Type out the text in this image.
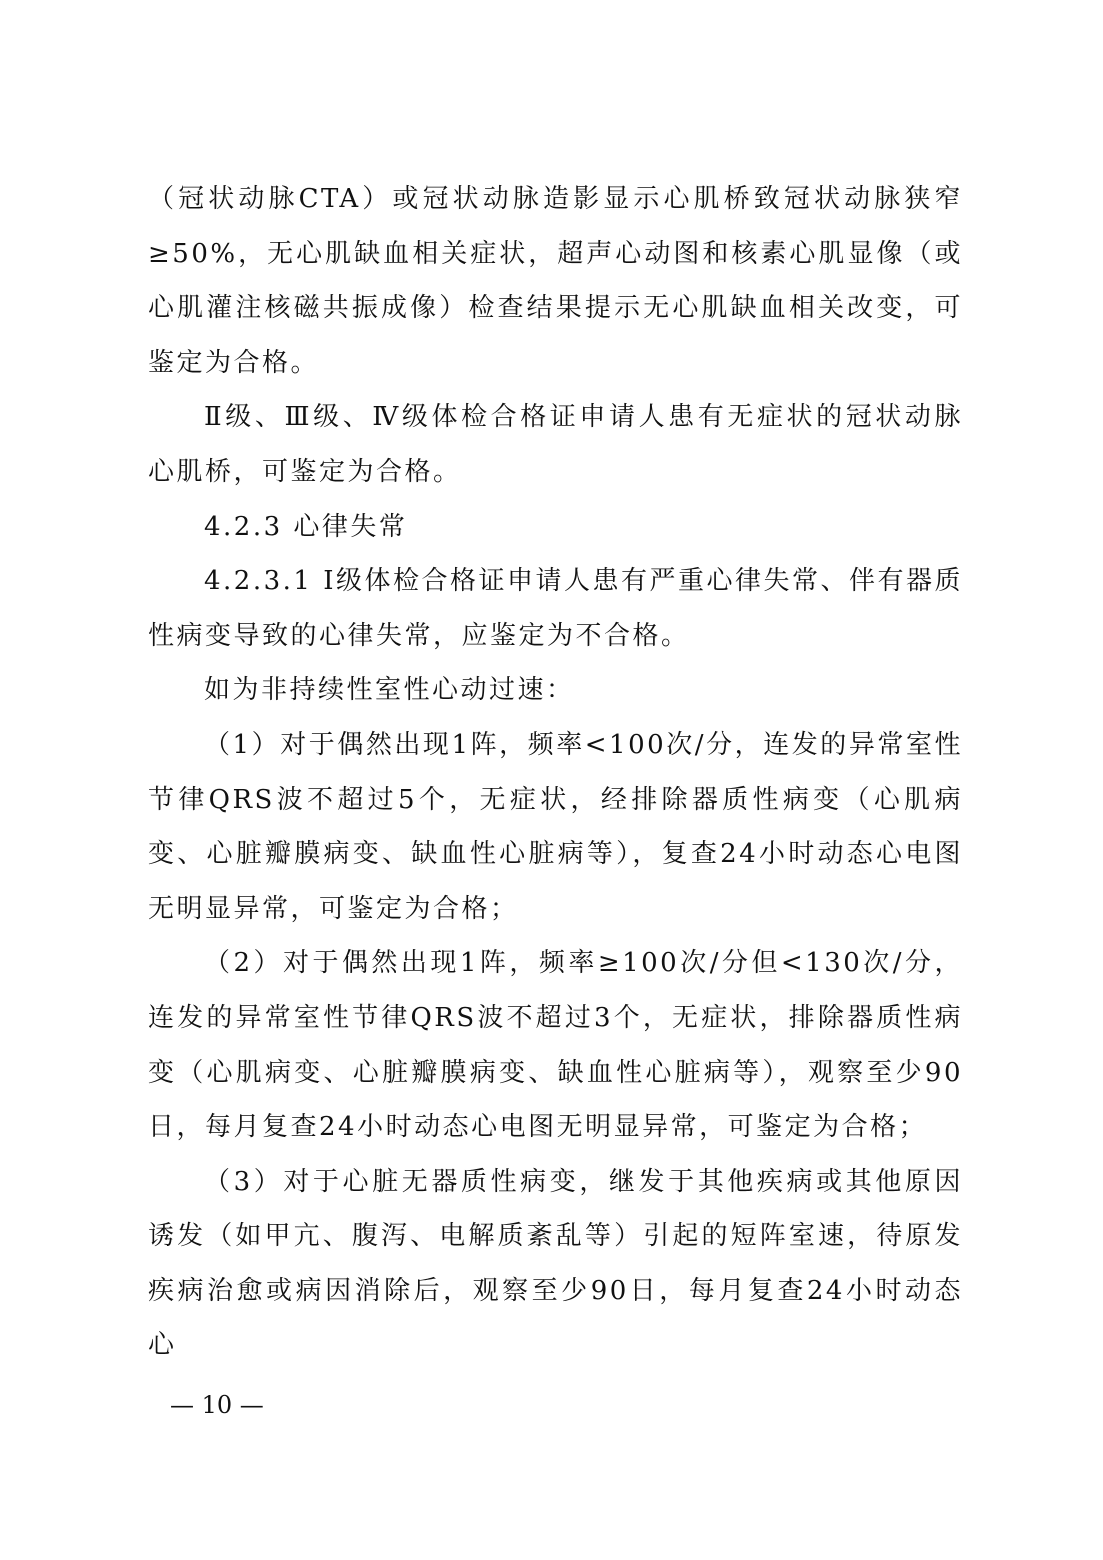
（冠状动脉CTA）或冠状动脉造影显示心肌桥致冠状动脉狭窄≥50%，无心肌缺血相关症状，超声心动图和核素心肌显像（或心肌灌注核磁共振成像）检查结果提示无心肌缺血相关改变，可鉴定为合格。

Ⅱ级、Ⅲ级、Ⅳ级体检合格证申请人患有无症状的冠状动脉心肌桥，可鉴定为合格。

4.2.3 心律失常

4.2.3.1 Ⅰ级体检合格证申请人患有严重心律失常、伴有器质性病变导致的心律失常，应鉴定为不合格。

如为非持续性室性心动过速：

（1）对于偶然出现1阵，频率<100次/分，连发的异常室性节律QRS波不超过5个，无症状，经排除器质性病变（心肌病变、心脏瓣膜病变、缺血性心脏病等），复查24小时动态心电图无明显异常，可鉴定为合格；

（2）对于偶然出现1阵，频率≥100次/分但<130次/分，连发的异常室性节律QRS波不超过3个，无症状，排除器质性病变（心肌病变、心脏瓣膜病变、缺血性心脏病等），观察至少90日，每月复查24小时动态心电图无明显异常，可鉴定为合格；

（3）对于心脏无器质性病变，继发于其他疾病或其他原因诱发（如甲亢、腹泻、电解质紊乱等）引起的短阵室速，待原发疾病治愈或病因消除后，观察至少90日，每月复查24小时动态心

— 10 —
